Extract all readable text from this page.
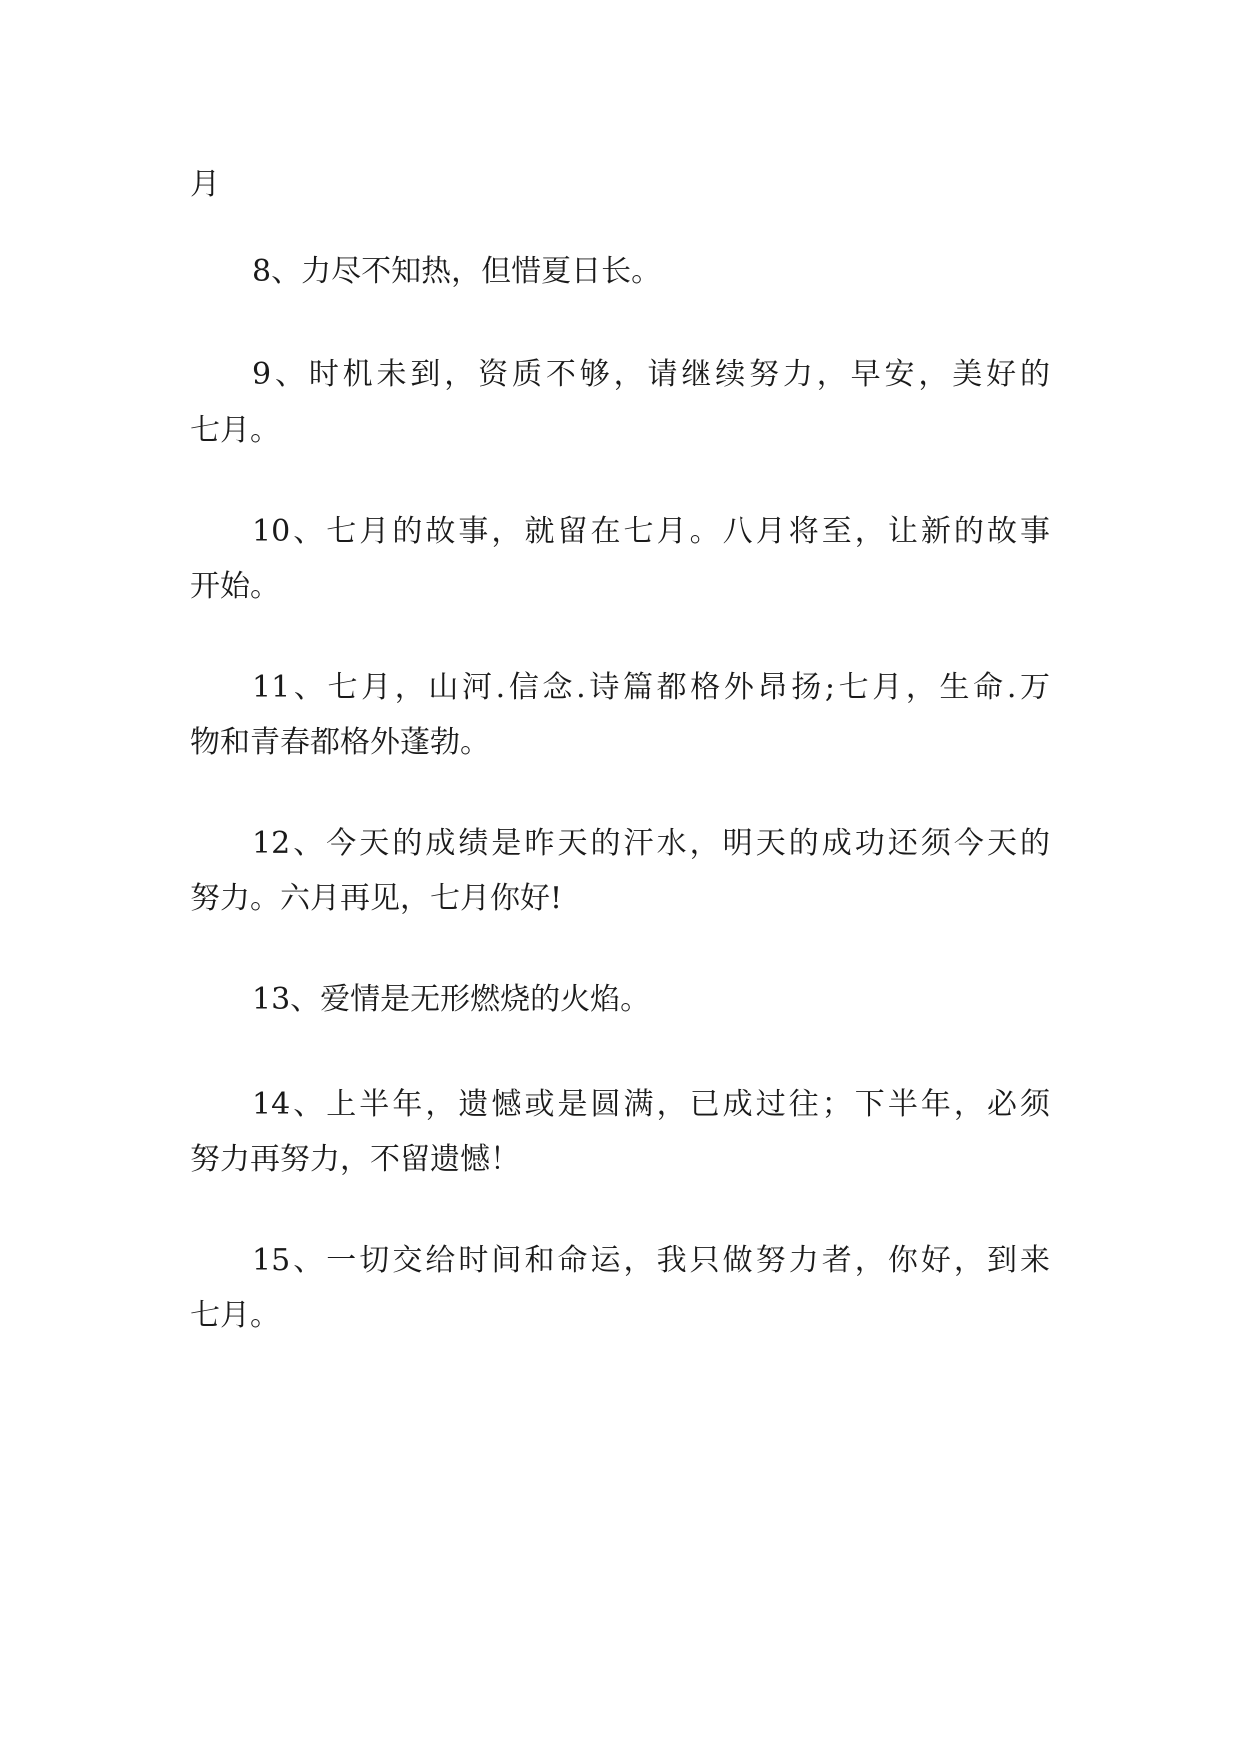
月
8、力尽不知热，但惜夏日长。
9、时机未到，资质不够，请继续努力，早安，美好的
七月。
10、七月的故事，就留在七月。八月将至，让新的故事
开始。
11、七月，山河.信念.诗篇都格外昂扬;七月，生命.万
物和青春都格外蓬勃。
12、今天的成绩是昨天的汗水，明天的成功还须今天的
努力。六月再见，七月你好!
13、爱情是无形燃烧的火焰。
14、上半年，遗憾或是圆满，已成过往；下半年，必须
努力再努力，不留遗憾！
15、一切交给时间和命运，我只做努力者，你好，到来
七月。
